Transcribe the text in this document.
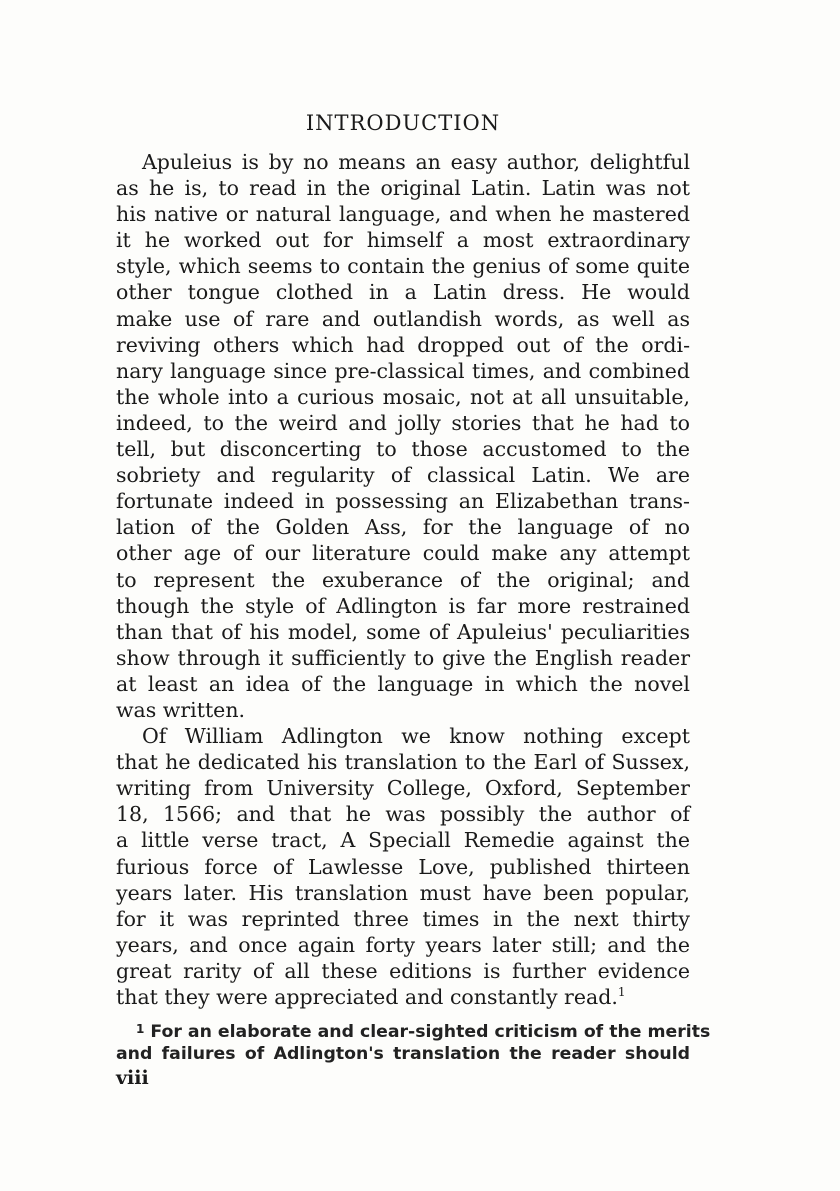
INTRODUCTION

Apuleius is by no means an easy author, delightful
as he is, to read in the original Latin. Latin was not
his native or natural language, and when he mastered
it he worked out for himself a most extraordinary
style, which seems to contain the genius of some quite
other tongue clothed in a Latin dress. He would
make use of rare and outlandish words, as well as
reviving others which had dropped out of the ordi-
nary language since pre-classical times, and combined
the whole into a curious mosaic, not at all unsuitable,
indeed, to the weird and jolly stories that he had to
tell, but disconcerting to those accustomed to the
sobriety and regularity of classical Latin. We are
fortunate indeed in possessing an Elizabethan trans-
lation of the Golden Ass, for the language of no
other age of our literature could make any attempt
to represent the exuberance of the original; and
though the style of Adlington is far more restrained
than that of his model, some of Apuleius' peculiarities
show through it sufficiently to give the English reader
at least an idea of the language in which the novel
was written.

Of William Adlington we know nothing except
that he dedicated his translation to the Earl of Sussex,
writing from University College, Oxford, September
18, 1566; and that he was possibly the author of
a little verse tract, A Speciall Remedie against the
furious force of Lawlesse Love, published thirteen
years later. His translation must have been popular,
for it was reprinted three times in the next thirty
years, and once again forty years later still; and the
great rarity of all these editions is further evidence
that they were appreciated and constantly read.$^1$

$^1$ For an elaborate and clear-sighted criticism of the merits
and failures of Adlington's translation the reader should
viii
